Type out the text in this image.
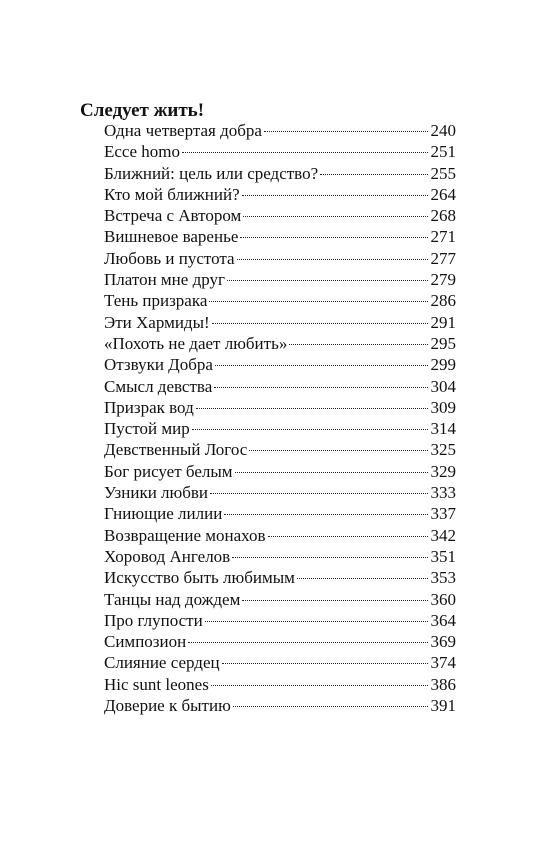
Следует жить!
Одна четвертая добра	240
Ecce homo	251
Ближний: цель или средство?	255
Кто мой ближний?	264
Встреча с Автором	268
Вишневое варенье	271
Любовь и пустота	277
Платон мне друг	279
Тень призрака	286
Эти Хармиды!	291
«Похоть не дает любить»	295
Отзвуки Добра	299
Смысл девства	304
Призрак вод	309
Пустой мир	314
Девственный Логос	325
Бог рисует белым	329
Узники любви	333
Гниющие лилии	337
Возвращение монахов	342
Хоровод Ангелов	351
Искусство быть любимым	353
Танцы над дождем	360
Про глупости	364
Симпозион	369
Слияние сердец	374
Hic sunt leones	386
Доверие к бытию	391
